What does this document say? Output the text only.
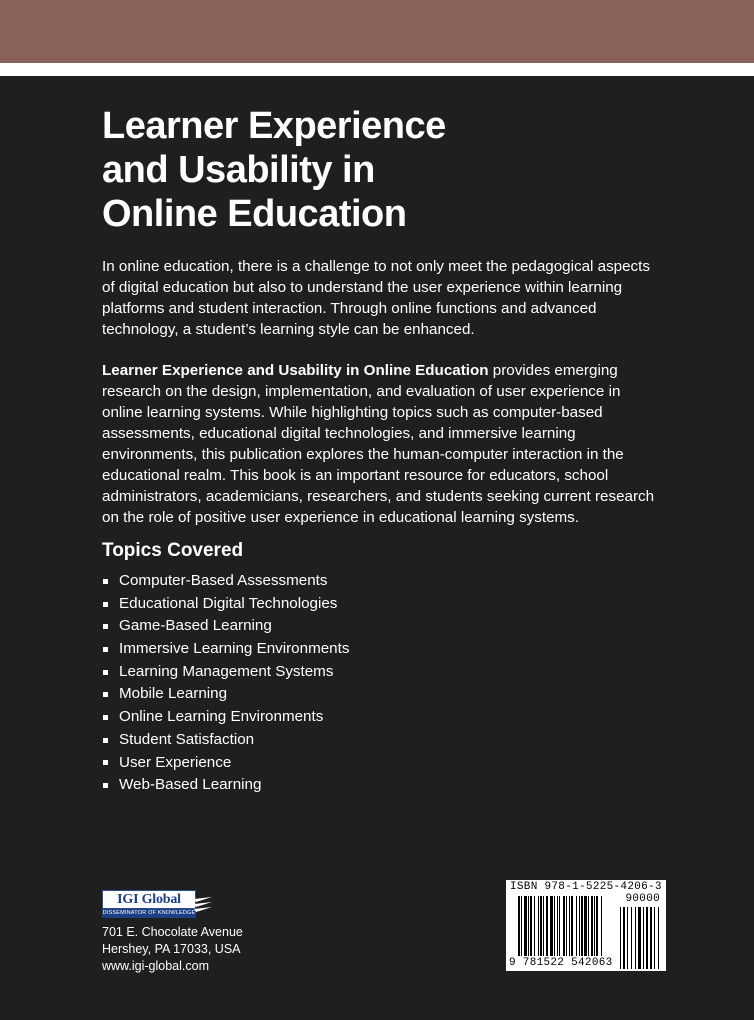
Learner Experience
and Usability in
Online Education
In online education, there is a challenge to not only meet the pedagogical aspects of digital education but also to understand the user experience within learning platforms and student interaction. Through online functions and advanced technology, a student’s learning style can be enhanced.
Learner Experience and Usability in Online Education provides emerging research on the design, implementation, and evaluation of user experience in online learning systems. While highlighting topics such as computer-based assessments, educational digital technologies, and immersive learning environments, this publication explores the human-computer interaction in the educational realm. This book is an important resource for educators, school administrators, academicians, researchers, and students seeking current research on the role of positive user experience in educational learning systems.
Topics Covered
Computer-Based Assessments
Educational Digital Technologies
Game-Based Learning
Immersive Learning Environments
Learning Management Systems
Mobile Learning
Online Learning Environments
Student Satisfaction
User Experience
Web-Based Learning
IGI Global
DISSEMINATOR OF KNOWLEDGE
701 E. Chocolate Avenue
Hershey, PA 17033, USA
www.igi-global.com
ISBN 978-1-5225-4206-3
90000
9 781522 542063
